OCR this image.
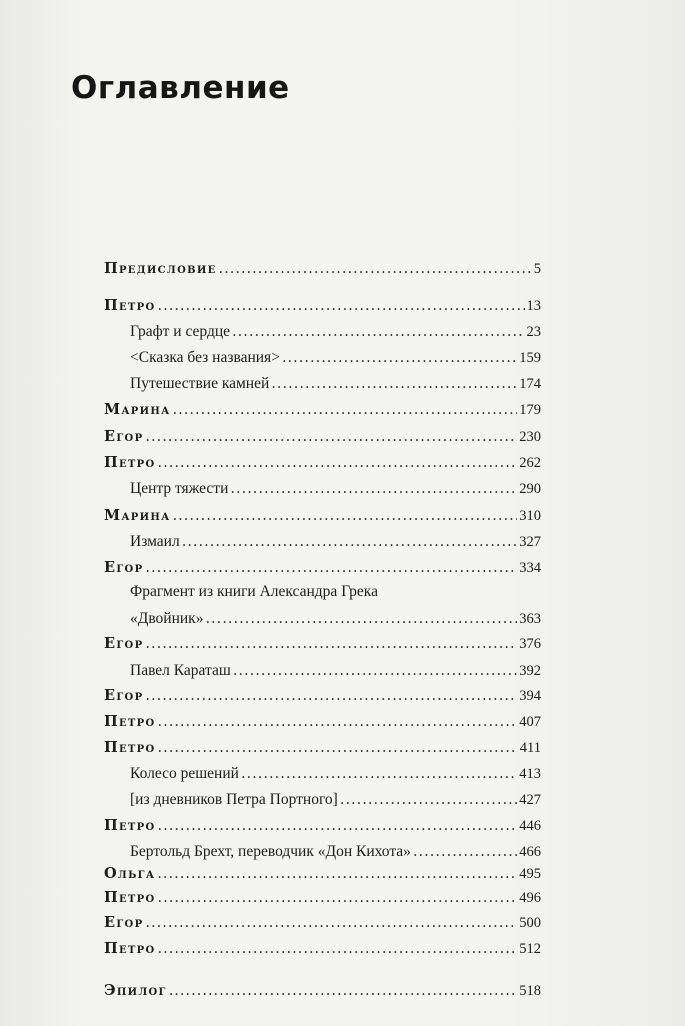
Оглавление
Предисловие .....	5
Петро .....	13
Графт и сердце .....	23
<Сказка без названия> .....	159
Путешествие камней .....	174
Марина .....	179
Егор .....	230
Петро .....	262
Центр тяжести .....	290
Марина .....	310
Измаил .....	327
Егор .....	334
Фрагмент из книги Александра Грека
«Двойник» .....	363
Егор .....	376
Павел Караташ .....	392
Егор .....	394
Петро .....	407
Петро .....	411
Колесо решений .....	413
[из дневников Петра Портного] .....	427
Петро .....	446
Бертольд Брехт, переводчик «Дон Кихота» .....	466
Ольга .....	495
Петро .....	496
Егор .....	500
Петро .....	512
Эпилог .....	518
